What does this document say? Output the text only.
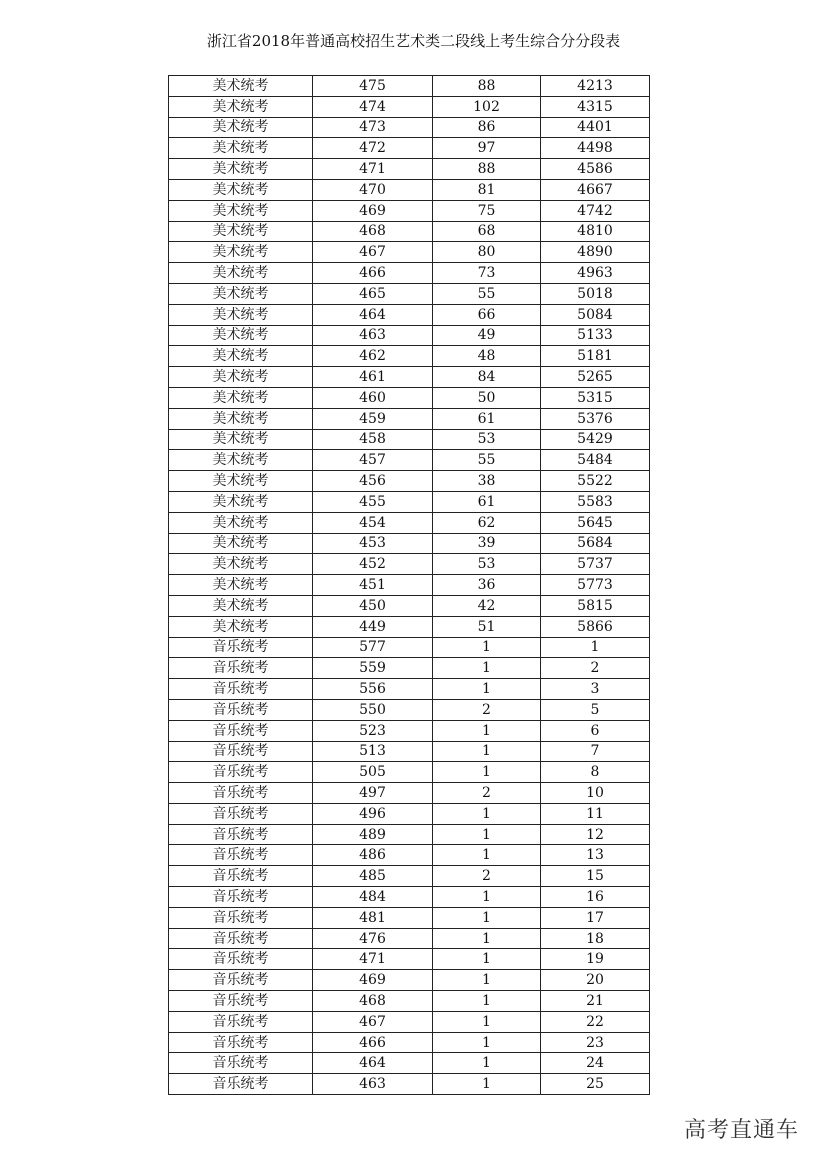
浙江省2018年普通高校招生艺术类二段线上考生综合分分段表
美术统考	475	88	4213
美术统考	474	102	4315
美术统考	473	86	4401
美术统考	472	97	4498
美术统考	471	88	4586
美术统考	470	81	4667
美术统考	469	75	4742
美术统考	468	68	4810
美术统考	467	80	4890
美术统考	466	73	4963
美术统考	465	55	5018
美术统考	464	66	5084
美术统考	463	49	5133
美术统考	462	48	5181
美术统考	461	84	5265
美术统考	460	50	5315
美术统考	459	61	5376
美术统考	458	53	5429
美术统考	457	55	5484
美术统考	456	38	5522
美术统考	455	61	5583
美术统考	454	62	5645
美术统考	453	39	5684
美术统考	452	53	5737
美术统考	451	36	5773
美术统考	450	42	5815
美术统考	449	51	5866
音乐统考	577	1	1
音乐统考	559	1	2
音乐统考	556	1	3
音乐统考	550	2	5
音乐统考	523	1	6
音乐统考	513	1	7
音乐统考	505	1	8
音乐统考	497	2	10
音乐统考	496	1	11
音乐统考	489	1	12
音乐统考	486	1	13
音乐统考	485	2	15
音乐统考	484	1	16
音乐统考	481	1	17
音乐统考	476	1	18
音乐统考	471	1	19
音乐统考	469	1	20
音乐统考	468	1	21
音乐统考	467	1	22
音乐统考	466	1	23
音乐统考	464	1	24
音乐统考	463	1	25
高考直通车
